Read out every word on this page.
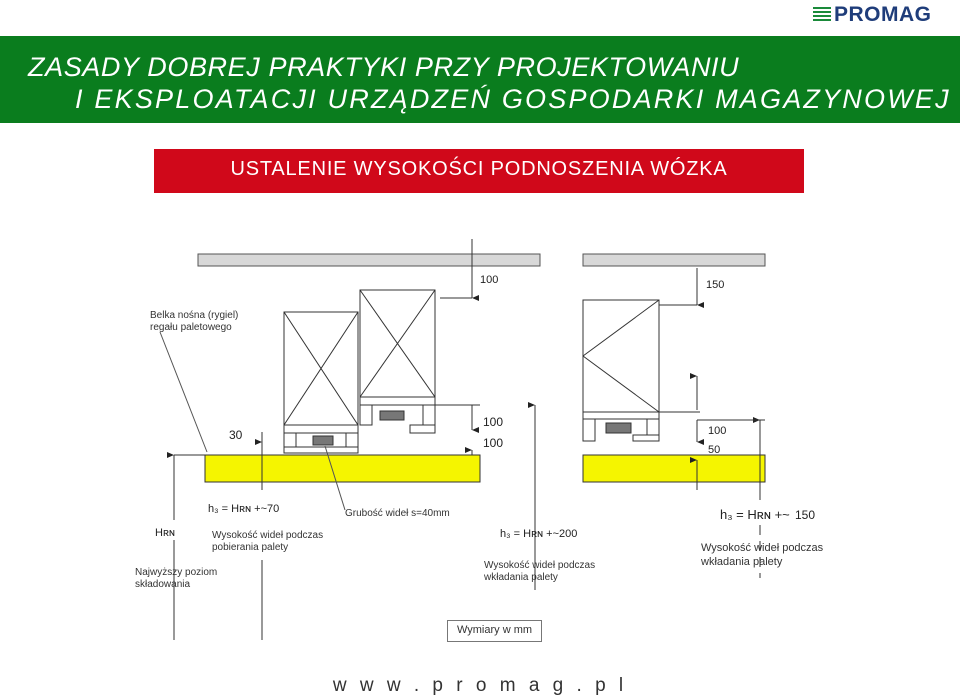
PROMAG
ZASADY DOBREJ PRAKTYKI PRZY PROJEKTOWANIU
I EKSPLOATACJI URZĄDZEŃ GOSPODARKI MAGAZYNOWEJ
USTALENIE WYSOKOŚCI PODNOSZENIA WÓZKA
Belka nośna (rygiel)
regału paletowego
100
100
100
30
150
100
50
h₃ = Hʀɴ +~70
Wysokość wideł podczas
pobierania palety
Grubość wideł s=40mm
Hʀɴ
Najwyższy poziom
składowania
h₃ = Hʀɴ +~200
Wysokość wideł podczas
wkładania palety
h₃ = Hʀɴ +~ 150
Wysokość wideł podczas
wkładania palety
Wymiary w mm
w w w . p r o m a g . p l
